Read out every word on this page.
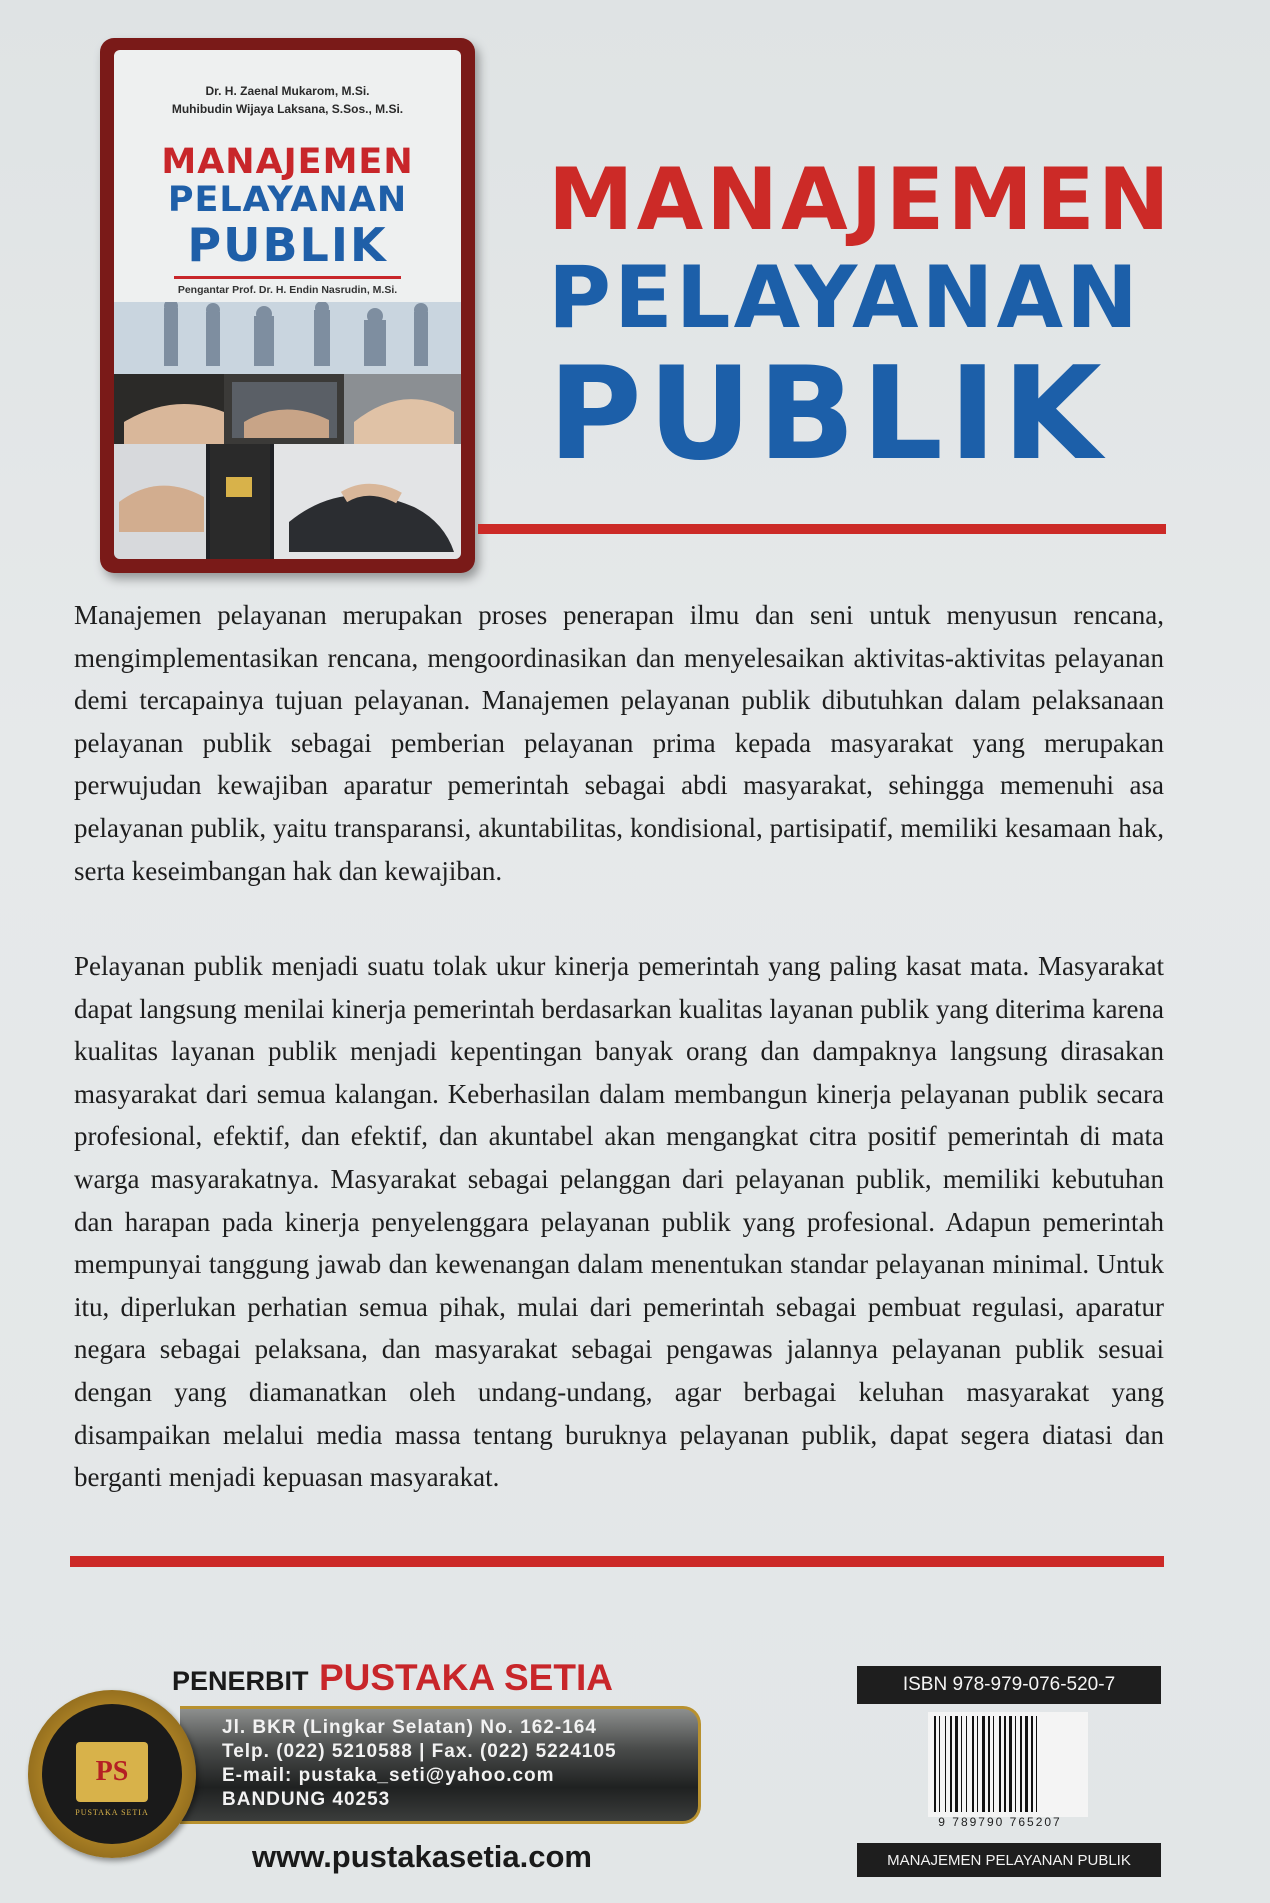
Dr. H. Zaenal Mukarom, M.Si.
Muhibudin Wijaya Laksana, S.Sos., M.Si.
MANAJEMEN
PELAYANAN
PUBLIK
Pengantar Prof. Dr. H. Endin Nasrudin, M.Si.
MANAJEMEN
PELAYANAN
PUBLIK

Manajemen pelayanan merupakan proses penerapan ilmu dan seni untuk menyusun rencana, mengimplementasikan rencana, mengoordinasikan dan menyelesaikan aktivitas-aktivitas pelayanan demi tercapainya tujuan pelayanan. Manajemen pelayanan publik dibutuhkan dalam pelaksanaan pelayanan publik sebagai pemberian pelayanan prima kepada masyarakat yang merupakan perwujudan kewajiban aparatur pemerintah sebagai abdi masyarakat, sehingga memenuhi asa pelayanan publik, yaitu transparansi, akuntabilitas, kondisional, partisipatif, memiliki kesamaan hak, serta keseimbangan hak dan kewajiban.

Pelayanan publik menjadi suatu tolak ukur kinerja pemerintah yang paling kasat mata. Masyarakat dapat langsung menilai kinerja pemerintah berdasarkan kualitas layanan publik yang diterima karena kualitas layanan publik menjadi kepentingan banyak orang dan dampaknya langsung dirasakan masyarakat dari semua kalangan. Keberhasilan dalam membangun kinerja pelayanan publik secara profesional, efektif, dan efektif, dan akuntabel akan mengangkat citra positif pemerintah di mata warga masyarakatnya. Masyarakat sebagai pelanggan dari pelayanan publik, memiliki kebutuhan dan harapan pada kinerja penyelenggara pelayanan publik yang profesional. Adapun pemerintah mempunyai tanggung jawab dan kewenangan dalam menentukan standar pelayanan minimal. Untuk itu, diperlukan perhatian semua pihak, mulai dari pemerintah sebagai pembuat regulasi, aparatur negara sebagai pelaksana, dan masyarakat sebagai pengawas jalannya pelayanan publik sesuai dengan yang diamanatkan oleh undang-undang, agar berbagai keluhan masyarakat yang disampaikan melalui media massa tentang buruknya pelayanan publik, dapat segera diatasi dan berganti menjadi kepuasan masyarakat.

PENERBIT PUSTAKA SETIA
Jl. BKR (Lingkar Selatan) No. 162-164
Telp. (022) 5210588 | Fax. (022) 5224105
E-mail: pustaka_seti@yahoo.com
BANDUNG 40253
PS
PUSTAKA SETIA
www.pustakasetia.com
ISBN 978-979-076-520-7
9 789790 765207
MANAJEMEN PELAYANAN PUBLIK
